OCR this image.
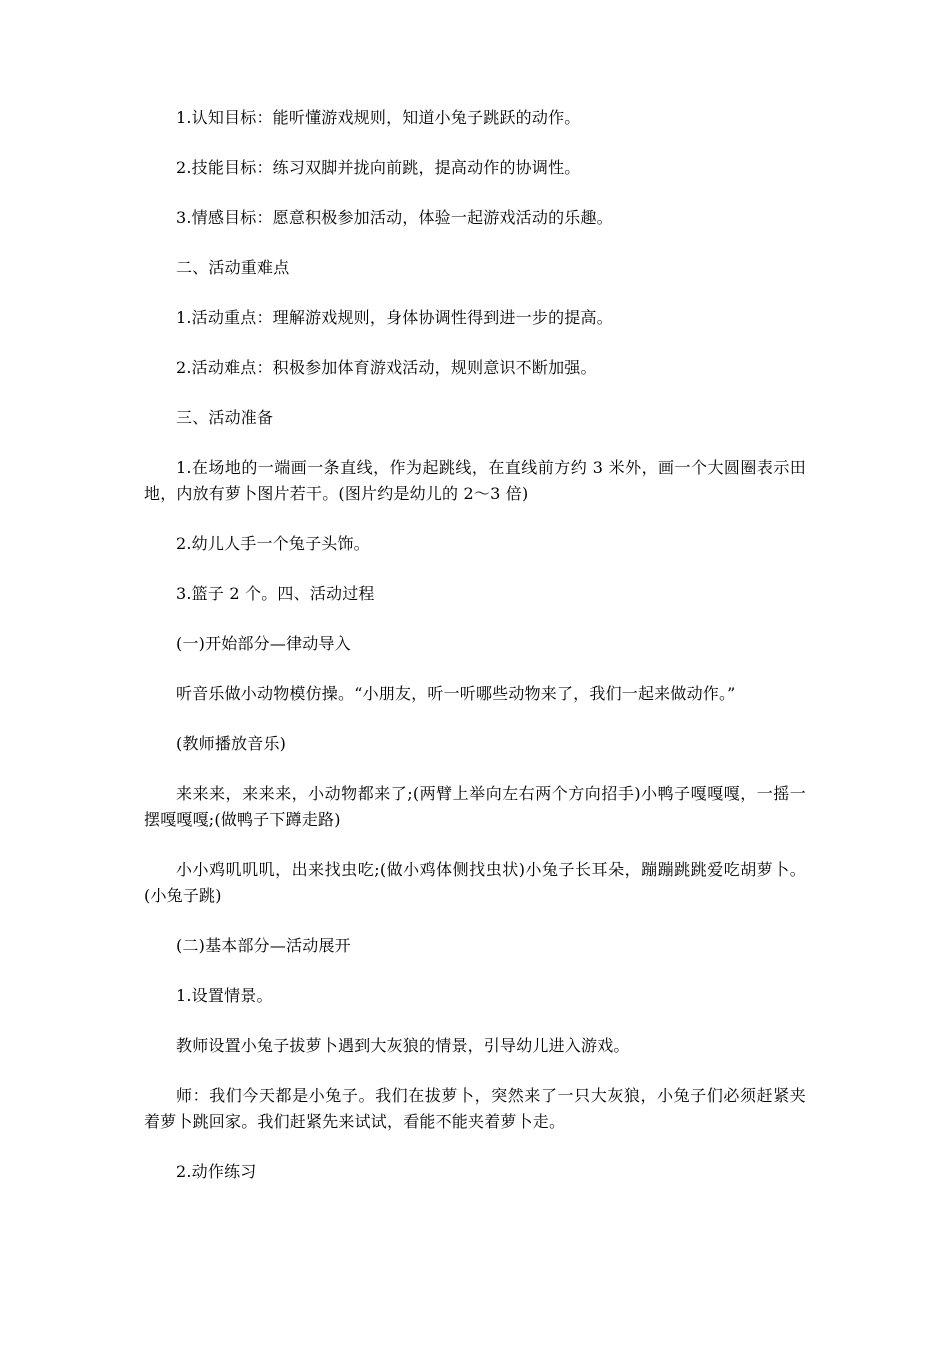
1.认知目标：能听懂游戏规则，知道小兔子跳跃的动作。

2.技能目标：练习双脚并拢向前跳，提高动作的协调性。

3.情感目标：愿意积极参加活动，体验一起游戏活动的乐趣。

二、活动重难点

1.活动重点：理解游戏规则，身体协调性得到进一步的提高。

2.活动难点：积极参加体育游戏活动，规则意识不断加强。

三、活动准备

1.在场地的一端画一条直线，作为起跳线，在直线前方约 3 米外，画一个大圆圈表示田地，内放有萝卜图片若干。(图片约是幼儿的 2～3 倍)

2.幼儿人手一个兔子头饰。

3.篮子 2 个。四、活动过程

(一)开始部分—律动导入

听音乐做小动物模仿操。“小朋友，听一听哪些动物来了，我们一起来做动作。”

(教师播放音乐)

来来来，来来来，小动物都来了;(两臂上举向左右两个方向招手)小鸭子嘎嘎嘎，一摇一摆嘎嘎嘎;(做鸭子下蹲走路)

小小鸡叽叽叽，出来找虫吃;(做小鸡体侧找虫状)小兔子长耳朵，蹦蹦跳跳爱吃胡萝卜。(小兔子跳)

(二)基本部分—活动展开

1.设置情景。

教师设置小兔子拔萝卜遇到大灰狼的情景，引导幼儿进入游戏。

师：我们今天都是小兔子。我们在拔萝卜，突然来了一只大灰狼，小兔子们必须赶紧夹着萝卜跳回家。我们赶紧先来试试，看能不能夹着萝卜走。

2.动作练习
